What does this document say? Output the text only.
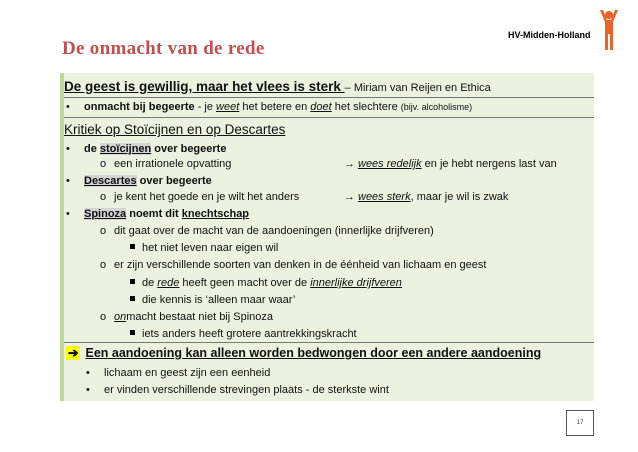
HV-Midden-Holland
De onmacht van de rede
De geest is gewillig, maar het vlees is sterk – Miriam van Reijen en Ethica
• onmacht bij begeerte - je weet het betere en doet het slechtere (bijv. alcoholisme)
Kritiek op Stoïcijnen en op Descartes
• de stoïcijnen over begeerte
o een irrationele opvatting	→ wees redelijk en je hebt nergens last van
• Descartes over begeerte
o je kent het goede en je wilt het anders	→ wees sterk, maar je wil is zwak
• Spinoza noemt dit knechtschap
o dit gaat over de macht van de aandoeningen (innerlijke drijfveren)
het niet leven naar eigen wil
o er zijn verschillende soorten van denken in de éénheid van lichaam en geest
de rede heeft geen macht over de innerlijke drijfveren
die kennis is ‘alleen maar waar’
o onmacht bestaat niet bij Spinoza
iets anders heeft grotere aantrekkingskracht
➔ Een aandoening kan alleen worden bedwongen door een andere aandoening
• lichaam en geest zijn een eenheid
• er vinden verschillende strevingen plaats - de sterkste wint
17
